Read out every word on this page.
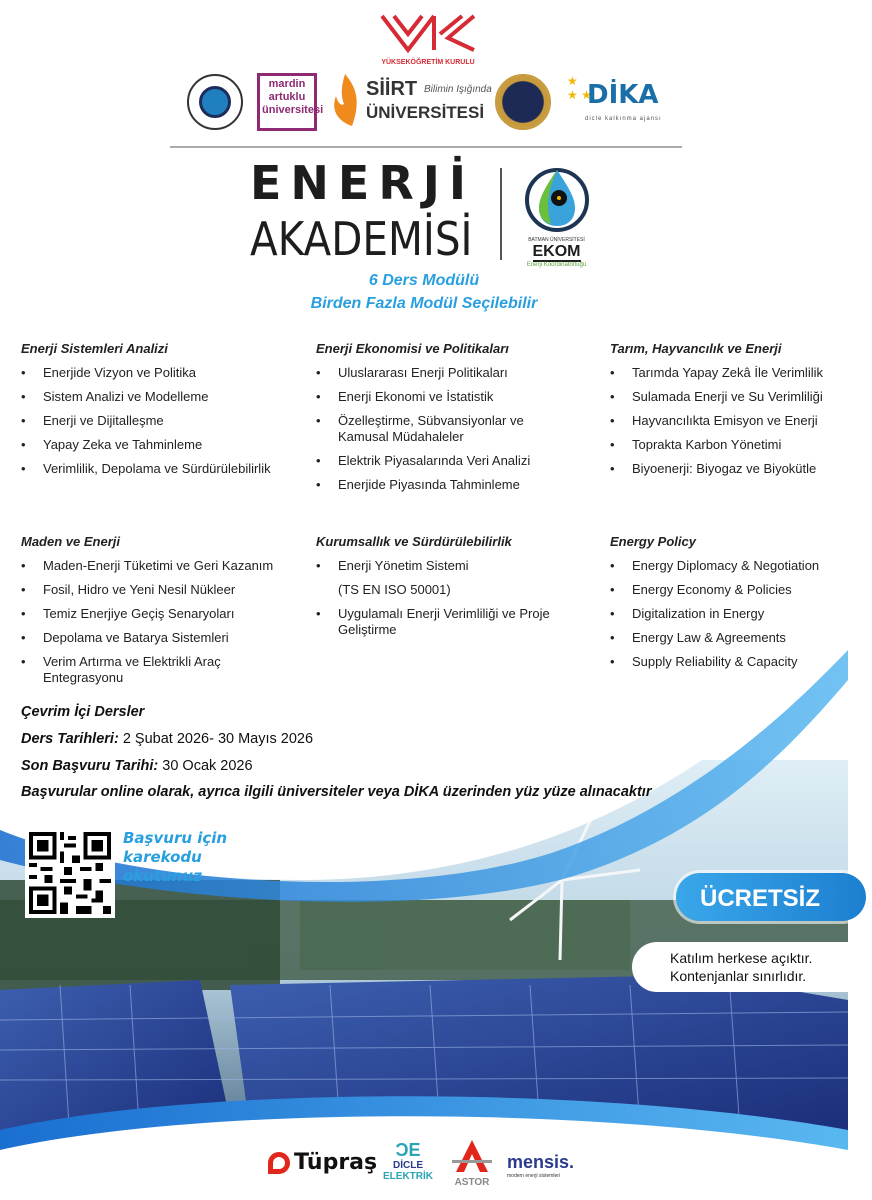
YÜKSEKÖĞRETİM KURULU
mardin artuklu üniversitesi
SİİRT Bilimin Işığında
ÜNİVERSİTESİ
★
★ ★
DİKA
dicle kalkınma ajansı
ENERJİ
AKADEMİSİ	BATMAN ÜNİVERSİTESİ
EKOM
Enerji Koordinatörlüğü
6 Ders Modülü
Birden Fazla Modül Seçilebilir
Enerji Sistemleri Analizi
• Enerjide Vizyon ve Politika
• Sistem Analizi ve Modelleme
• Enerji ve Dijitalleşme
• Yapay Zeka ve Tahminleme
• Verimlilik, Depolama ve Sürdürülebilirlik
Enerji Ekonomisi ve Politikaları
• Uluslararası Enerji Politikaları
• Enerji Ekonomi ve İstatistik
• Özelleştirme, Sübvansiyonlar ve Kamusal Müdahaleler
• Elektrik Piyasalarında Veri Analizi
• Enerjide Piyasında Tahminleme
Tarım, Hayvancılık ve Enerji
• Tarımda Yapay Zekâ İle Verimlilik
• Sulamada Enerji ve Su Verimliliği
• Hayvancılıkta Emisyon ve Enerji
• Toprakta Karbon Yönetimi
• Biyoenerji: Biyogaz ve Biyokütle
Maden ve Enerji
• Maden-Enerji Tüketimi ve Geri Kazanım
• Fosil, Hidro ve Yeni Nesil Nükleer
• Temiz Enerjiye Geçiş Senaryoları
• Depolama ve Batarya Sistemleri
• Verim Artırma ve Elektrikli Araç Entegrasyonu
Kurumsallık ve Sürdürülebilirlik
• Enerji Yönetim Sistemi
(TS EN ISO 50001)
• Uygulamalı Enerji Verimliliği ve Proje Geliştirme
Energy Policy
• Energy Diplomacy & Negotiation
• Energy Economy & Policies
• Digitalization in Energy
• Energy Law & Agreements
• Supply Reliability & Capacity
Çevrim İçi Dersler
Ders Tarihleri: 2 Şubat 2026- 30 Mayıs 2026
Son Başvuru Tarihi: 30 Ocak 2026
Başvurular online olarak, ayrıca ilgili üniversiteler veya DİKA üzerinden yüz yüze alınacaktır
Başvuru için
karekodu
okutunuz
ÜCRETSİZ
Katılım herkese açıktır.
Kontenjanlar sınırlıdır.
Tüpraş	ƆE
DİCLE
ELEKTRİK
ASTOR
mensis.
modern enerji sistemleri
